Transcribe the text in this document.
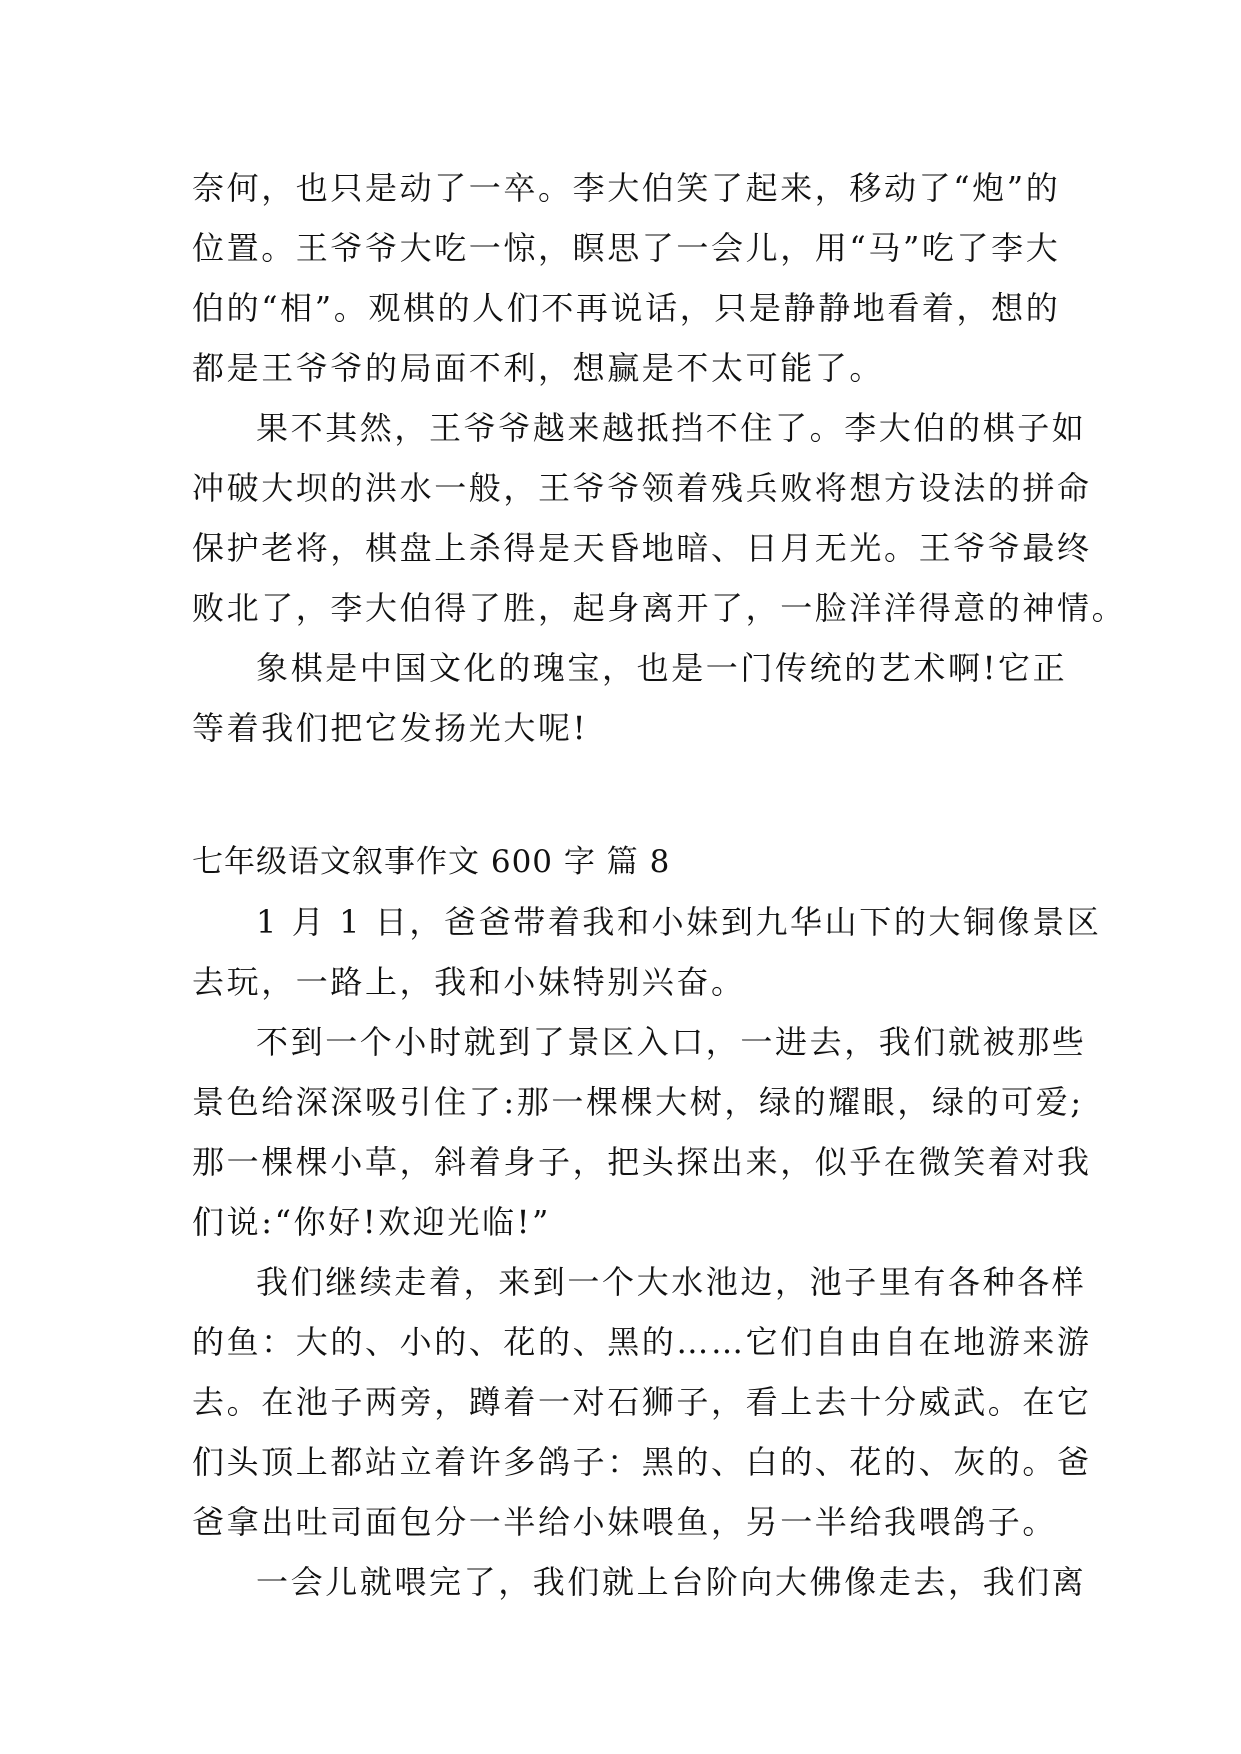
奈何，也只是动了一卒。李大伯笑了起来，移动了“炮”的
位置。王爷爷大吃一惊，瞑思了一会儿，用“马”吃了李大
伯的“相”。观棋的人们不再说话，只是静静地看着，想的
都是王爷爷的局面不利，想赢是不太可能了。
果不其然，王爷爷越来越抵挡不住了。李大伯的棋子如
冲破大坝的洪水一般，王爷爷领着残兵败将想方设法的拼命
保护老将，棋盘上杀得是天昏地暗、日月无光。王爷爷最终
败北了，李大伯得了胜，起身离开了，一脸洋洋得意的神情。
象棋是中国文化的瑰宝，也是一门传统的艺术啊!它正
等着我们把它发扬光大呢!
七年级语文叙事作文 600 字 篇 8
1 月 1 日，爸爸带着我和小妹到九华山下的大铜像景区
去玩，一路上，我和小妹特别兴奋。
不到一个小时就到了景区入口，一进去，我们就被那些
景色给深深吸引住了:那一棵棵大树，绿的耀眼，绿的可爱;
那一棵棵小草，斜着身子，把头探出来，似乎在微笑着对我
们说:“你好!欢迎光临!”
我们继续走着，来到一个大水池边，池子里有各种各样
的鱼：大的、小的、花的、黑的……它们自由自在地游来游
去。在池子两旁，蹲着一对石狮子，看上去十分威武。在它
们头顶上都站立着许多鸽子：黑的、白的、花的、灰的。爸
爸拿出吐司面包分一半给小妹喂鱼，另一半给我喂鸽子。
一会儿就喂完了，我们就上台阶向大佛像走去，我们离
